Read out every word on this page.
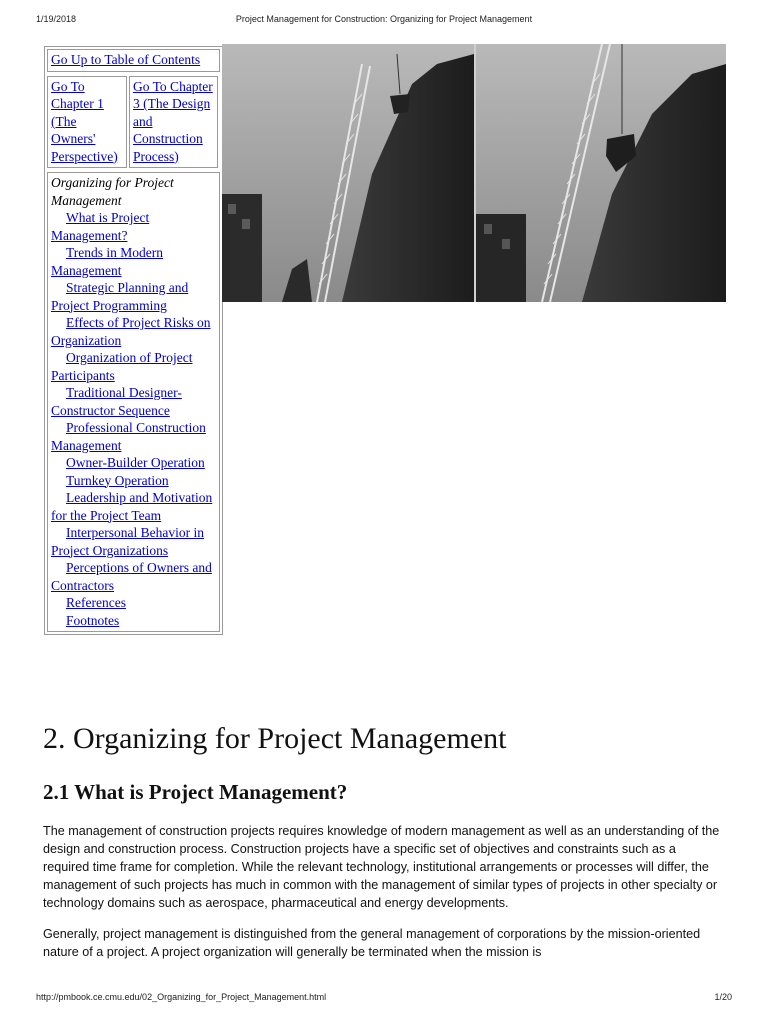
1/19/2018	Project Management for Construction: Organizing for Project Management
Go Up to Table of Contents
Go To Chapter 1 (The Owners' Perspective)
Go To Chapter 3 (The Design and Construction Process)
Organizing for Project Management
What is Project Management?
Trends in Modern Management
Strategic Planning and Project Programming
Effects of Project Risks on Organization
Organization of Project Participants
Traditional Designer-Constructor Sequence
Professional Construction Management
Owner-Builder Operation
Turnkey Operation
Leadership and Motivation for the Project Team
Interpersonal Behavior in Project Organizations
Perceptions of Owners and Contractors
References
Footnotes
2. Organizing for Project Management
2.1 What is Project Management?

The management of construction projects requires knowledge of modern management as well as an understanding of the design and construction process. Construction projects have a specific set of objectives and constraints such as a required time frame for completion. While the relevant technology, institutional arrangements or processes will differ, the management of such projects has much in common with the management of similar types of projects in other specialty or technology domains such as aerospace, pharmaceutical and energy developments.

Generally, project management is distinguished from the general management of corporations by the mission-oriented nature of a project. A project organization will generally be terminated when the mission is

http://pmbook.ce.cmu.edu/02_Organizing_for_Project_Management.html	1/20
